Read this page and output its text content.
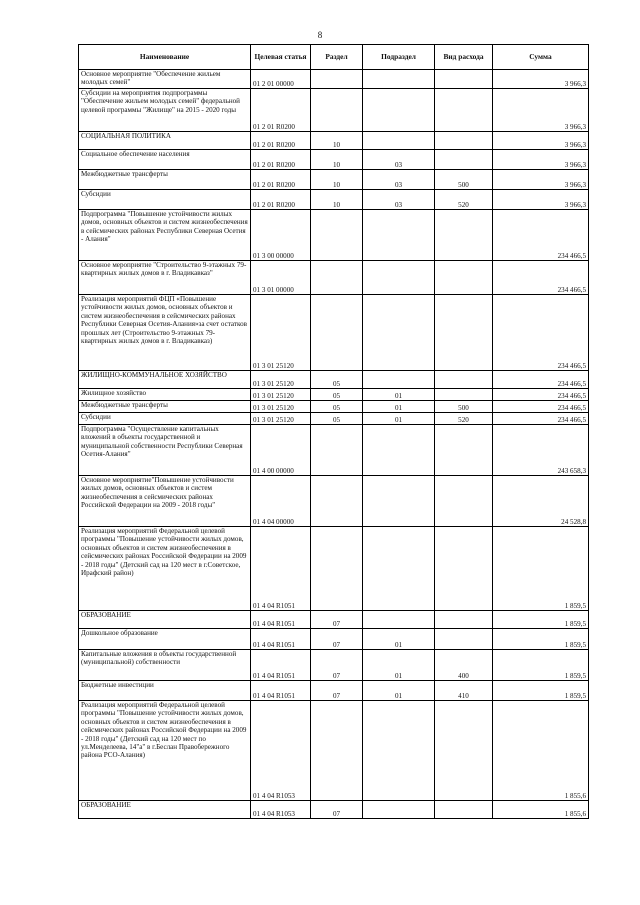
8
Наименование	Целевая статья	Раздел	Подраздел	Вид расхода	Сумма
Основное мероприятие "Обеспечение жильем молодых семей"	01 2 01 00000				3 966,3
Субсидии на мероприятия подпрограммы "Обеспечение жильем молодых семей" федеральной целевой программы "Жилище" на 2015 - 2020 годы	01 2 01 R0200				3 966,3
СОЦИАЛЬНАЯ ПОЛИТИКА	01 2 01 R0200	10			3 966,3
Социальное обеспечение населения	01 2 01 R0200	10	03		3 966,3
Межбюджетные трансферты	01 2 01 R0200	10	03	500	3 966,3
Субсидии	01 2 01 R0200	10	03	520	3 966,3
Подпрограмма "Повышение устойчивости жилых домов, основных объектов и систем жизнеобеспечения в сейсмических районах Республики Северная Осетия - Алания"	01 3 00 00000				234 466,5
Основное мероприятие "Строительство 9-этажных 79-квартирных жилых домов в г. Владикавказ"	01 3 01 00000				234 466,5
Реализация мероприятий ФЦП «Повышение устойчивости жилых домов, основных объектов и систем жизнеобеспечения в сейсмических районах Республики Северная Осетия-Алания»за счет остатков прошлых лет (Строительство 9-этажных 79-квартирных жилых домов в г. Владикавказ)	01 3 01 25120				234 466,5
ЖИЛИЩНО-КОММУНАЛЬНОЕ ХОЗЯЙСТВО	01 3 01 25120	05			234 466,5
Жилищное хозяйство	01 3 01 25120	05	01		234 466,5
Межбюджетные трансферты	01 3 01 25120	05	01	500	234 466,5
Субсидии	01 3 01 25120	05	01	520	234 466,5
Подпрограмма "Осуществление капитальных вложений в объекты государственной и муниципальной собственности Республики Северная Осетия-Алания"	01 4 00 00000				243 658,3
Основное мероприятие"Повышение устойчивости жилых домов, основных объектов и систем жизнеобеспечения в сейсмических районах Российской Федерации на 2009 - 2018 годы"	01 4 04 00000				24 528,8
Реализация мероприятий Федеральной целевой программы "Повышение устойчивости жилых домов, основных объектов и систем жизнеобеспечения в сейсмических районах Российской Федерации на 2009 - 2018 годы" (Детский сад на 120 мест в г.Советское, Ирафский район)	01 4 04 R1051				1 859,5
ОБРАЗОВАНИЕ	01 4 04 R1051	07			1 859,5
Дошкольное образование	01 4 04 R1051	07	01		1 859,5
Капитальные вложения в объекты государственной (муниципальной) собственности	01 4 04 R1051	07	01	400	1 859,5
Бюджетные инвестиции	01 4 04 R1051	07	01	410	1 859,5
Реализация мероприятий Федеральной целевой программы "Повышение устойчивости жилых домов, основных объектов и систем жизнеобеспечения в сейсмических районах Российской Федерации на 2009 - 2018 годы" (Детский сад на 120 мест по ул.Менделеева, 14"а" в г.Беслан Правобережного района РСО-Алания)	01 4 04 R1053				1 855,6
ОБРАЗОВАНИЕ	01 4 04 R1053	07			1 855,6
